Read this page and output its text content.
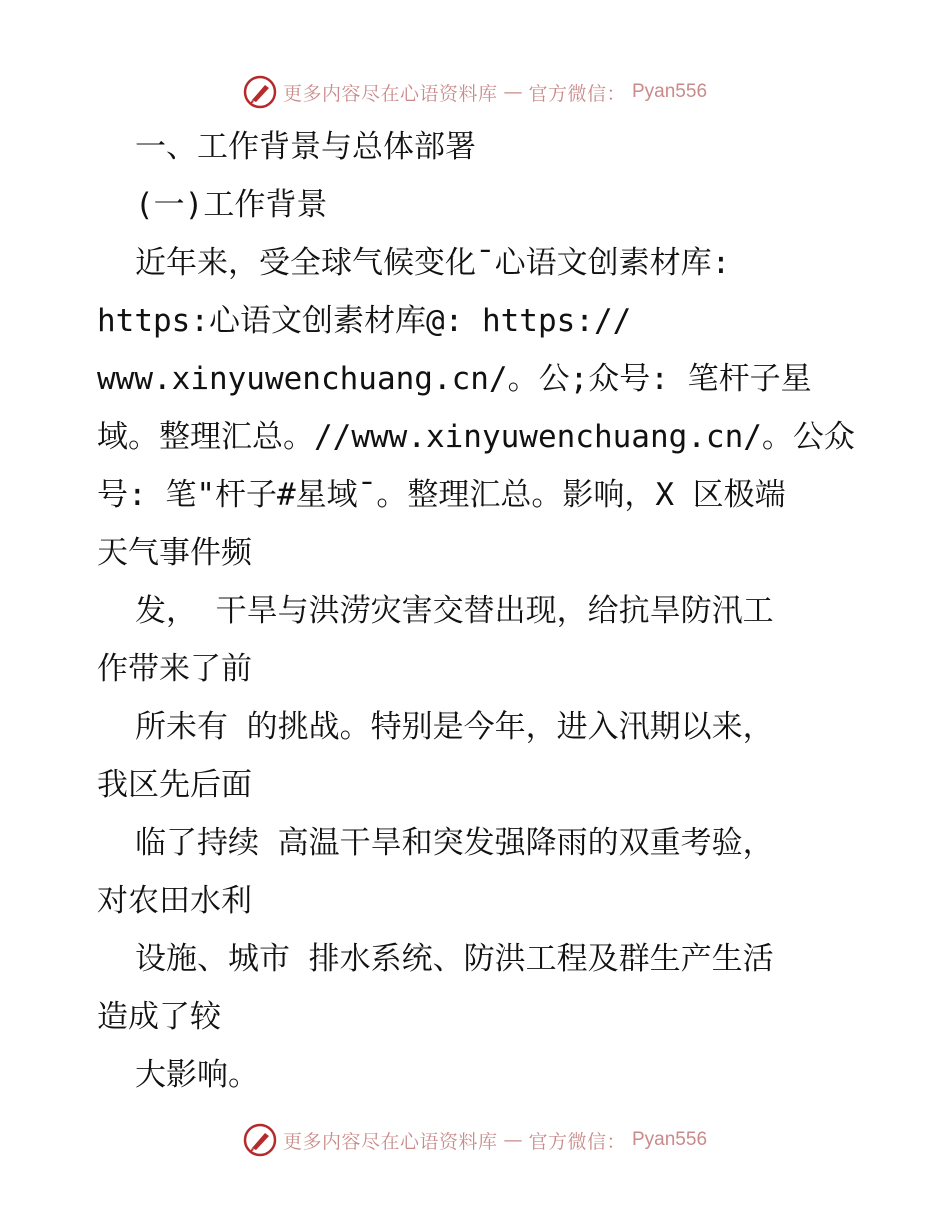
更多内容尽在心语资料库 — 官方微信： Pyan556
一、工作背景与总体部署
(一)工作背景
近年来，受全球气候变化¯心语文创素材库:
https:心语文创素材库@: https://
www.xinyuwenchuang.cn/。公;众号: 笔杆子星
域。整理汇总。//www.xinyuwenchuang.cn/。公众
号: 笔"杆子#星域¯。整理汇总。影响，X 区极端
天气事件频
发， 干旱与洪涝灾害交替出现，给抗旱防汛工
作带来了前
所未有 的挑战。特别是今年，进入汛期以来，
我区先后面
临了持续 高温干旱和突发强降雨的双重考验，
对农田水利
设施、城市 排水系统、防洪工程及群生产生活
造成了较
大影响。
更多内容尽在心语资料库 — 官方微信： Pyan556
